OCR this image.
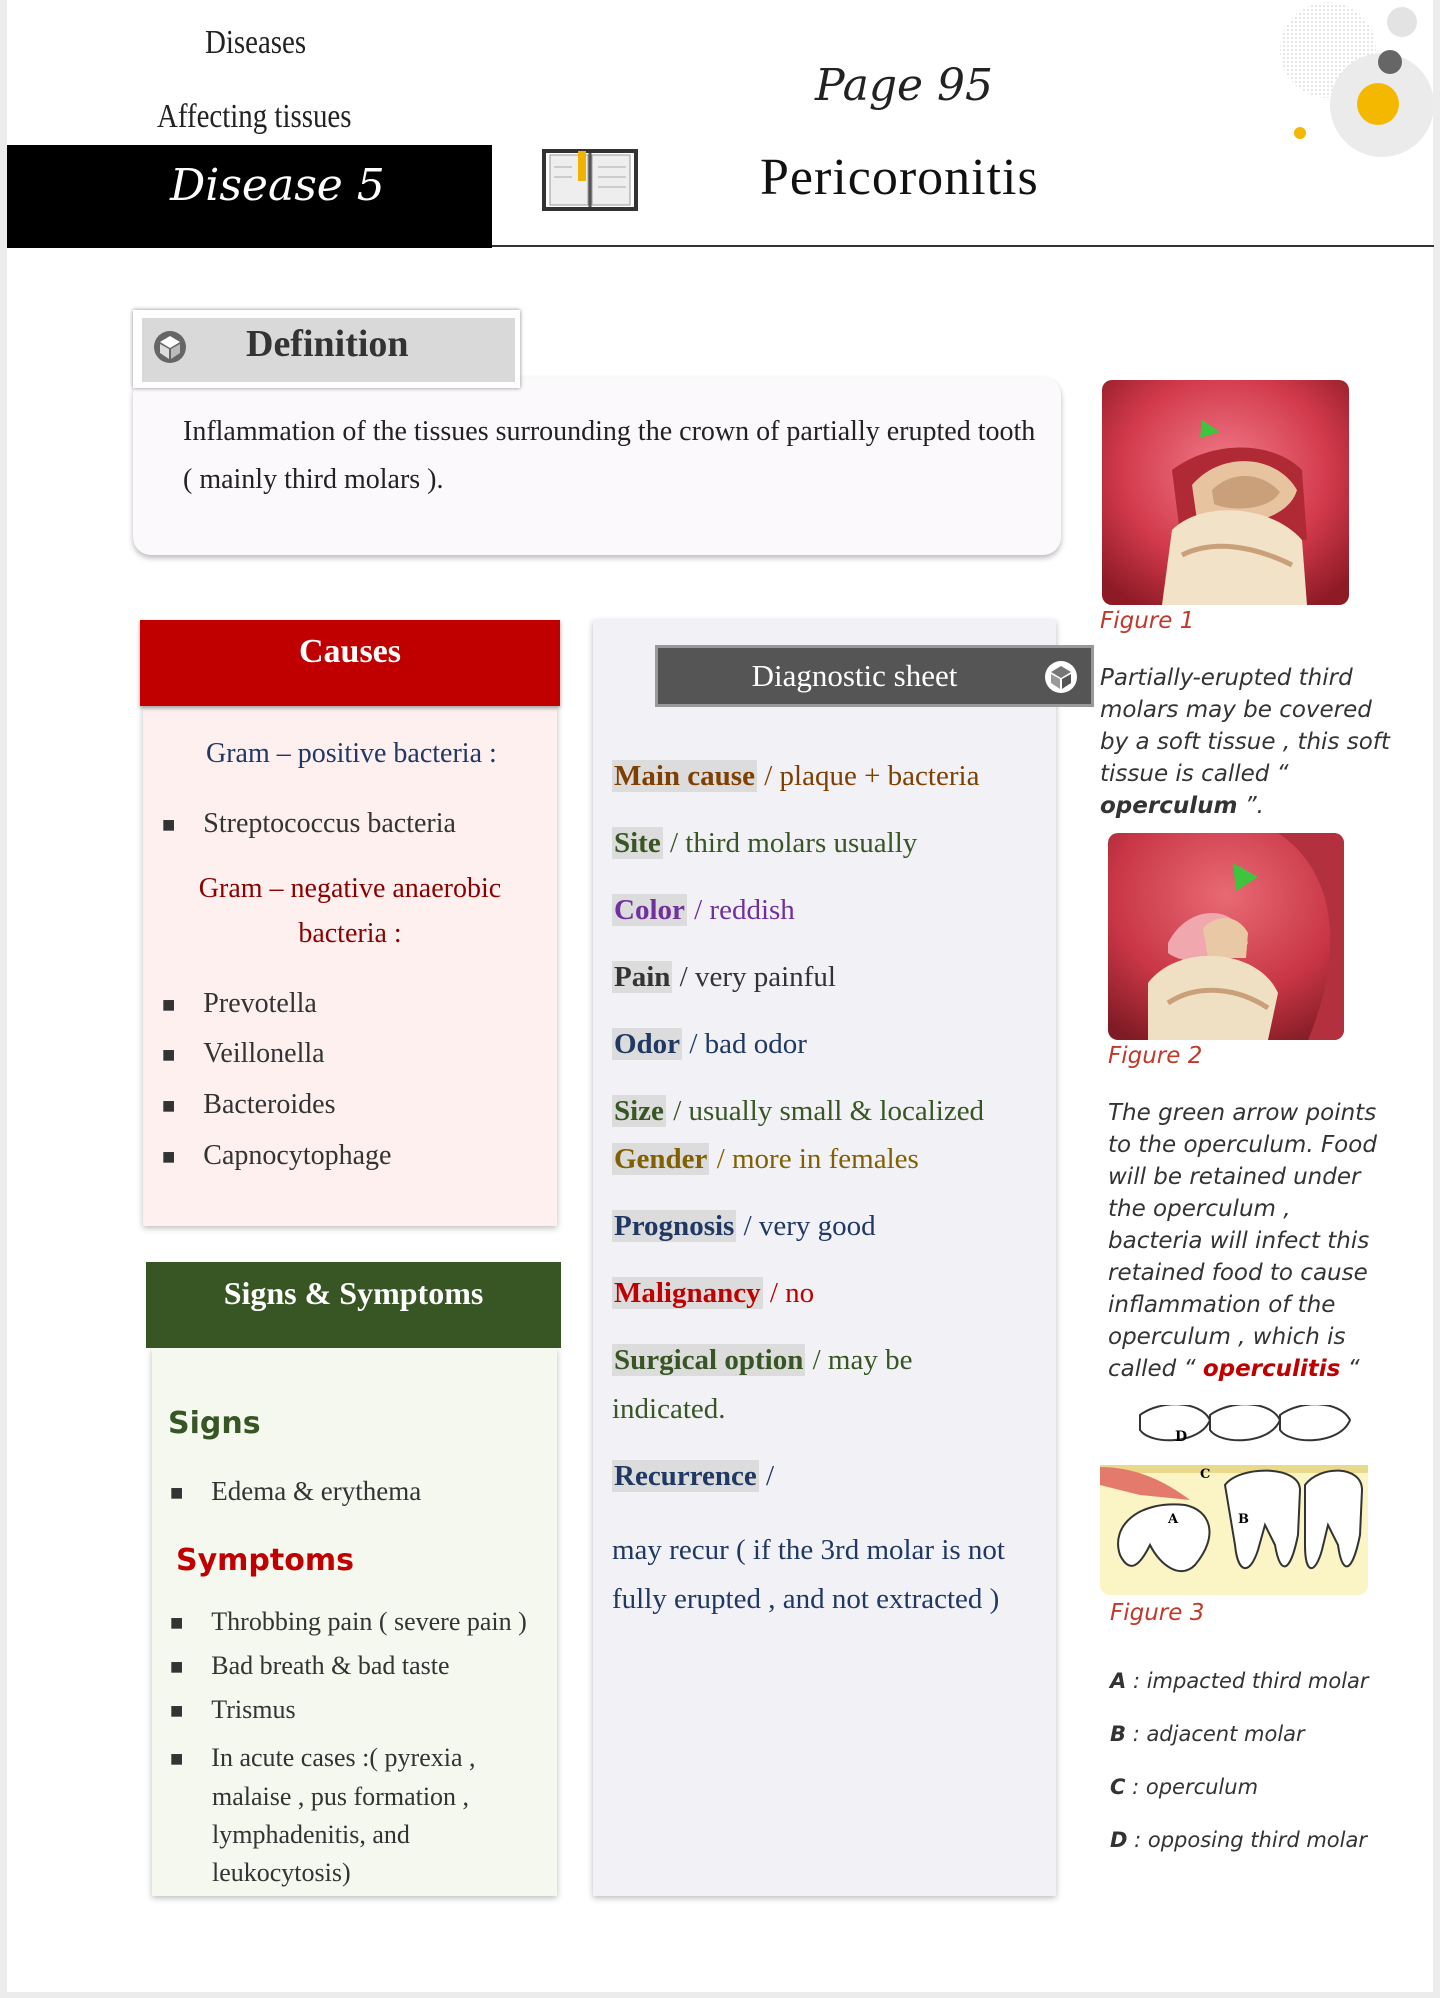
Diseases
Affecting tissues
Disease 5
Page 95
Pericoronitis
Definition
Inflammation of the tissues surrounding the crown of partially erupted tooth ( mainly third molars ).
Figure 1
Partially-erupted third
molars may be covered
by a soft tissue , this soft
tissue is called “
operculum ”.
Figure 2
The green arrow points
to the operculum. Food
will be retained under
the operculum ,
bacteria will infect this
retained food to cause
inflammation of the
operculum , which is
called “ operculitis “
D
C
A	B
Figure 3
A : impacted third molar
B : adjacent molar
C : operculum
D : opposing third molar
Causes
Gram – positive bacteria :
■ Streptococcus bacteria
Gram – negative anaerobic
bacteria :
■ Prevotella
■ Veillonella
■ Bacteroides
■ Capnocytophage
Signs & Symptoms
Signs
■ Edema & erythema
Symptoms
■ Throbbing pain ( severe pain )
■ Bad breath & bad taste
■ Trismus
■ In acute cases :( pyrexia ,
malaise , pus formation ,
lymphadenitis, and
leukocytosis)
Diagnostic sheet
Main cause / plaque + bacteria
Site / third molars usually
Color / reddish
Pain / very painful
Odor / bad odor
Size / usually small & localized
Gender / more in females
Prognosis / very good
Malignancy / no
Surgical option / may be
indicated.
Recurrence /
may recur ( if the 3rd molar is not
fully erupted , and not extracted )
